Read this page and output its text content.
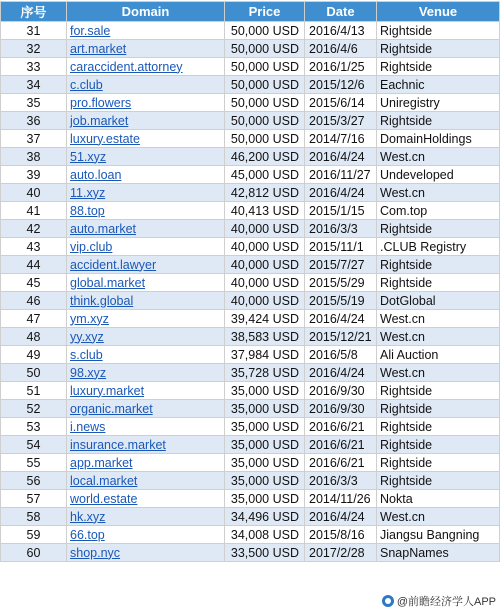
序号	Domain	Price	Date	Venue
31	for.sale	50,000 USD	2016/4/13	Rightside
32	art.market	50,000 USD	2016/4/6	Rightside
33	caraccident.attorney	50,000 USD	2016/1/25	Rightside
34	c.club	50,000 USD	2015/12/6	Eachnic
35	pro.flowers	50,000 USD	2015/6/14	Uniregistry
36	job.market	50,000 USD	2015/3/27	Rightside
37	luxury.estate	50,000 USD	2014/7/16	DomainHoldings
38	51.xyz	46,200 USD	2016/4/24	West.cn
39	auto.loan	45,000 USD	2016/11/27	Undeveloped
40	11.xyz	42,812 USD	2016/4/24	West.cn
41	88.top	40,413 USD	2015/1/15	Com.top
42	auto.market	40,000 USD	2016/3/3	Rightside
43	vip.club	40,000 USD	2015/11/1	.CLUB Registry
44	accident.lawyer	40,000 USD	2015/7/27	Rightside
45	global.market	40,000 USD	2015/5/29	Rightside
46	think.global	40,000 USD	2015/5/19	DotGlobal
47	ym.xyz	39,424 USD	2016/4/24	West.cn
48	yy.xyz	38,583 USD	2015/12/21	West.cn
49	s.club	37,984 USD	2016/5/8	Ali Auction
50	98.xyz	35,728 USD	2016/4/24	West.cn
51	luxury.market	35,000 USD	2016/9/30	Rightside
52	organic.market	35,000 USD	2016/9/30	Rightside
53	i.news	35,000 USD	2016/6/21	Rightside
54	insurance.market	35,000 USD	2016/6/21	Rightside
55	app.market	35,000 USD	2016/6/21	Rightside
56	local.market	35,000 USD	2016/3/3	Rightside
57	world.estate	35,000 USD	2014/11/26	Nokta
58	hk.xyz	34,496 USD	2016/4/24	West.cn
59	66.top	34,008 USD	2015/8/16	Jiangsu Bangning
60	shop.nyc	33,500 USD	2017/2/28	SnapNames
@前瞻经济学人APP
